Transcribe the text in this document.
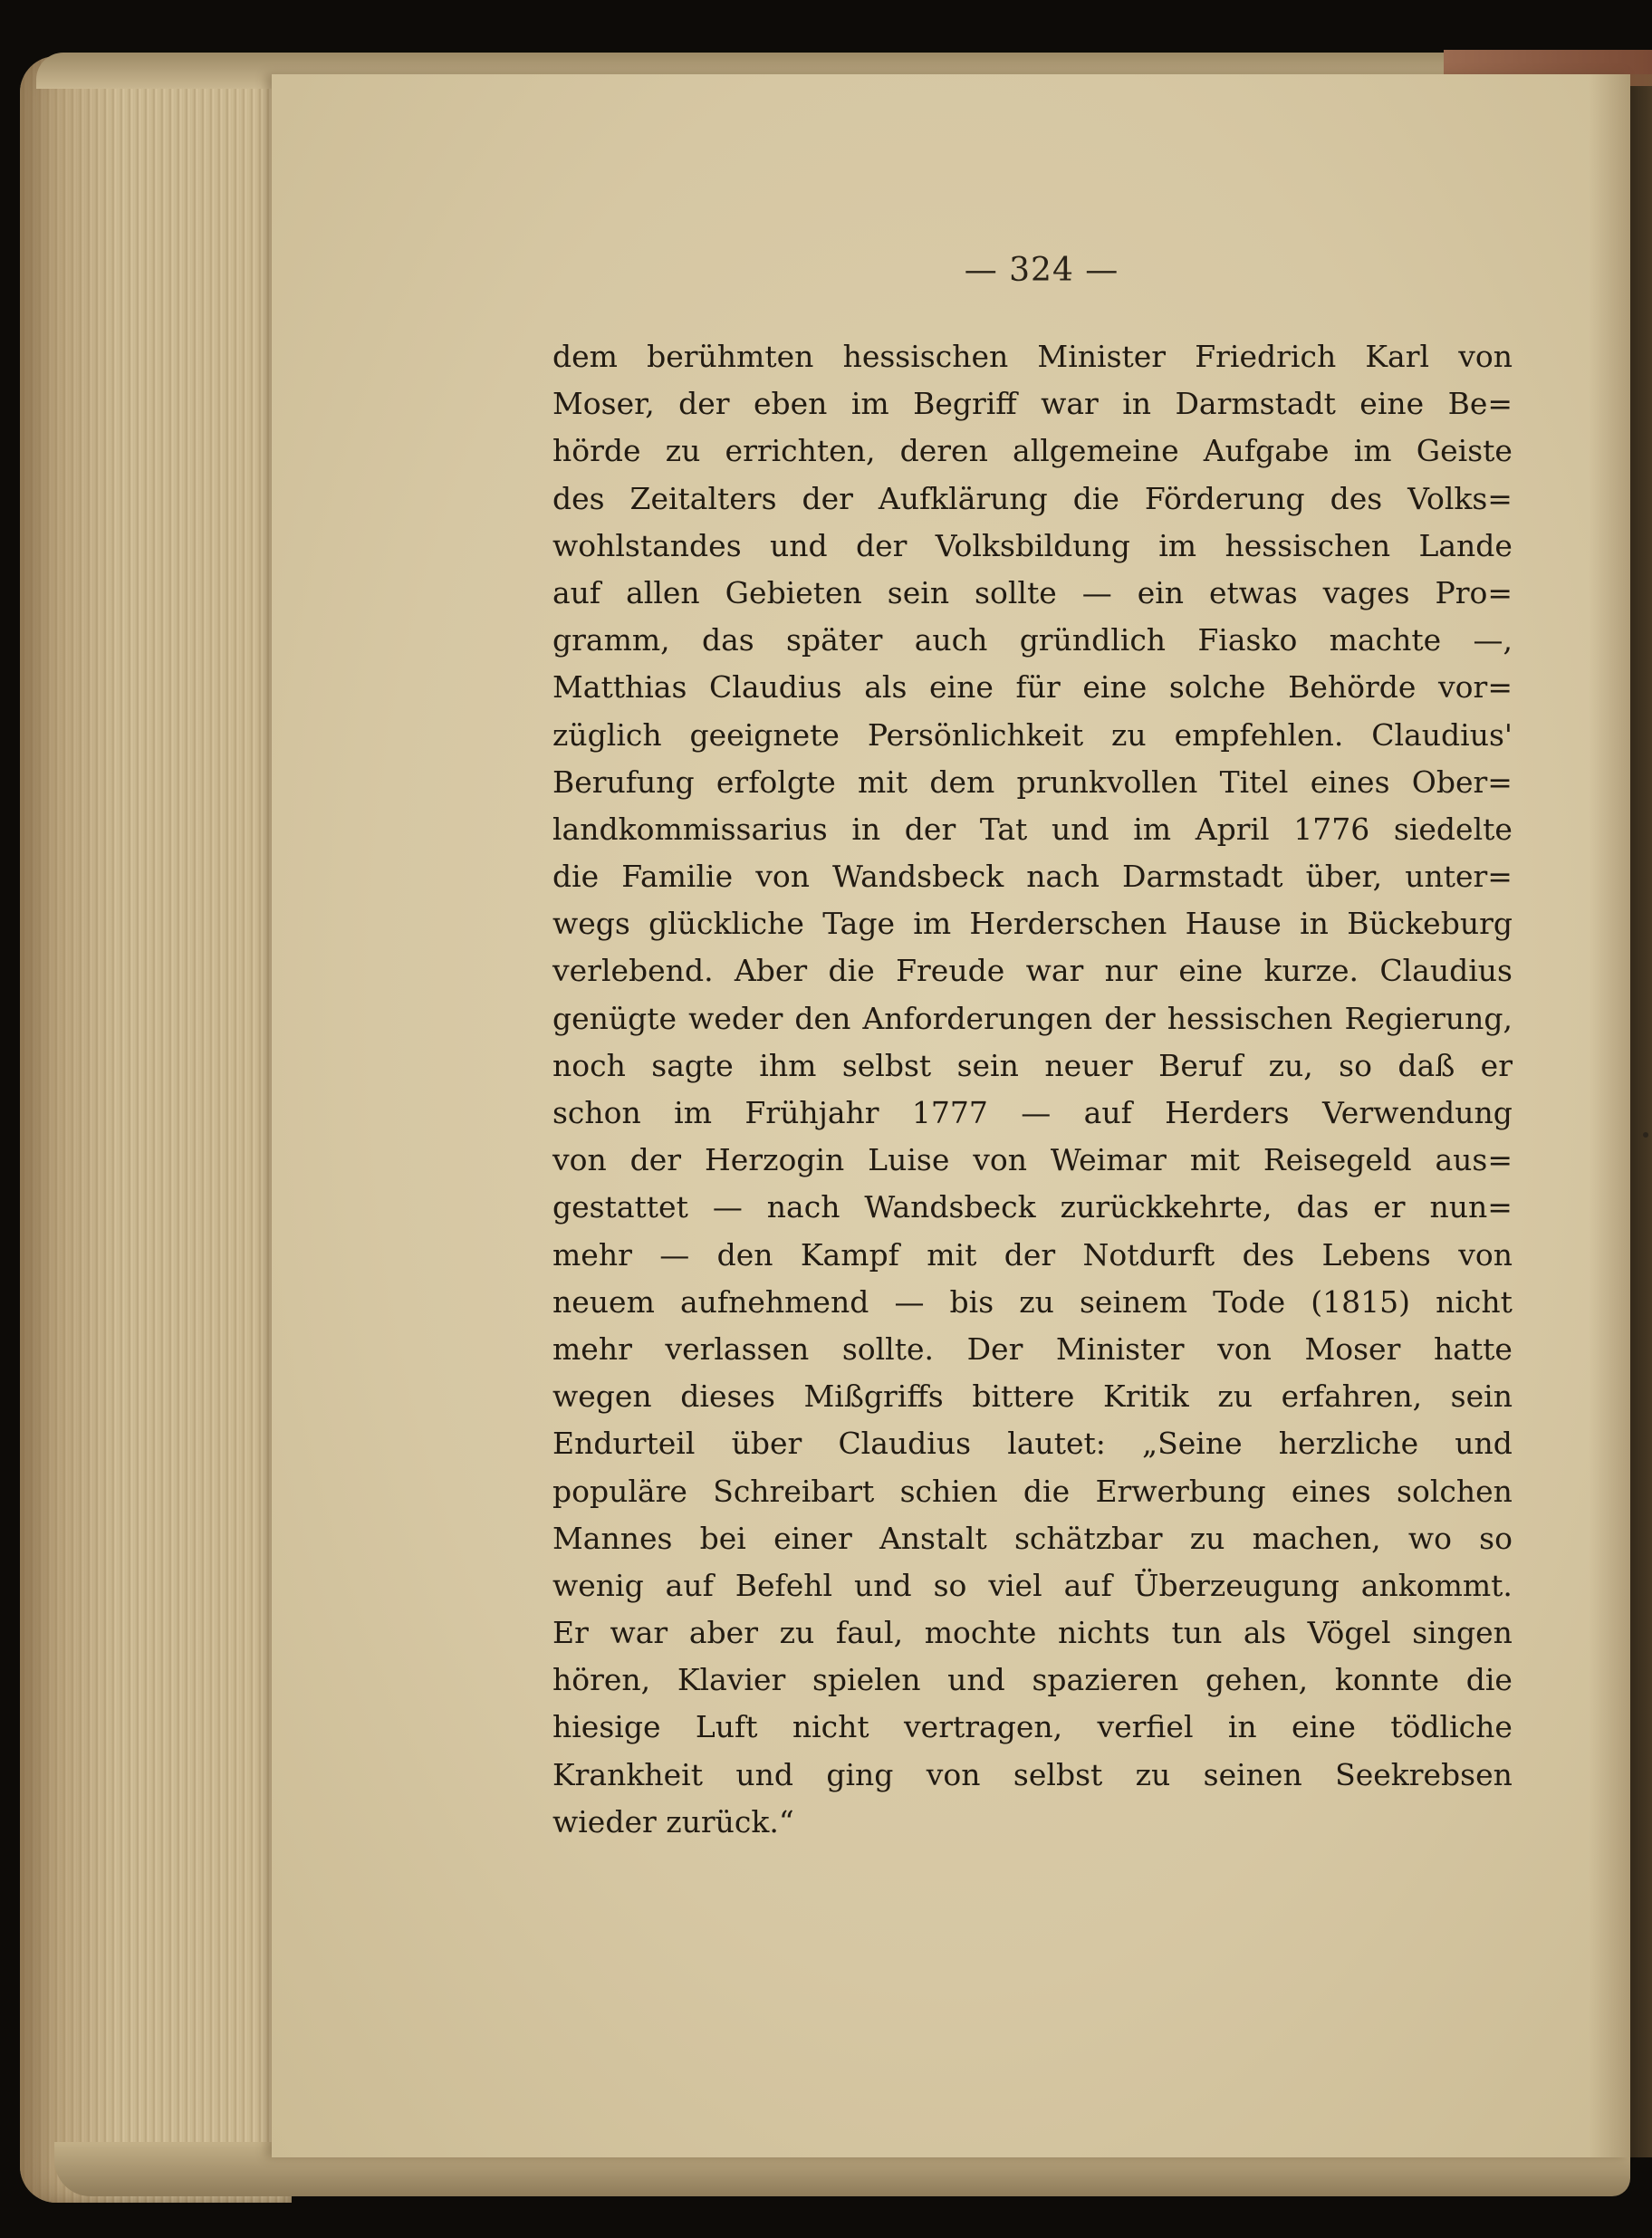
— 324 —
dem berühmten hessischen Minister Friedrich Karl von
Moser, der eben im Begriff war in Darmstadt eine Be=
hörde zu errichten, deren allgemeine Aufgabe im Geiste
des Zeitalters der Aufklärung die Förderung des Volks=
wohlstandes und der Volksbildung im hessischen Lande
auf allen Gebieten sein sollte — ein etwas vages Pro=
gramm, das später auch gründlich Fiasko machte —,
Matthias Claudius als eine für eine solche Behörde vor=
züglich geeignete Persönlichkeit zu empfehlen. Claudius'
Berufung erfolgte mit dem prunkvollen Titel eines Ober=
landkommissarius in der Tat und im April 1776 siedelte
die Familie von Wandsbeck nach Darmstadt über, unter=
wegs glückliche Tage im Herderschen Hause in Bückeburg
verlebend. Aber die Freude war nur eine kurze. Claudius
genügte weder den Anforderungen der hessischen Regierung,
noch sagte ihm selbst sein neuer Beruf zu, so daß er
schon im Frühjahr 1777 — auf Herders Verwendung
von der Herzogin Luise von Weimar mit Reisegeld aus=
gestattet — nach Wandsbeck zurückkehrte, das er nun=
mehr — den Kampf mit der Notdurft des Lebens von
neuem aufnehmend — bis zu seinem Tode (1815) nicht
mehr verlassen sollte. Der Minister von Moser hatte
wegen dieses Mißgriffs bittere Kritik zu erfahren, sein
Endurteil über Claudius lautet: „Seine herzliche und
populäre Schreibart schien die Erwerbung eines solchen
Mannes bei einer Anstalt schätzbar zu machen, wo so
wenig auf Befehl und so viel auf Überzeugung ankommt.
Er war aber zu faul, mochte nichts tun als Vögel singen
hören, Klavier spielen und spazieren gehen, konnte die
hiesige Luft nicht vertragen, verfiel in eine tödliche
Krankheit und ging von selbst zu seinen Seekrebsen
wieder zurück.“
